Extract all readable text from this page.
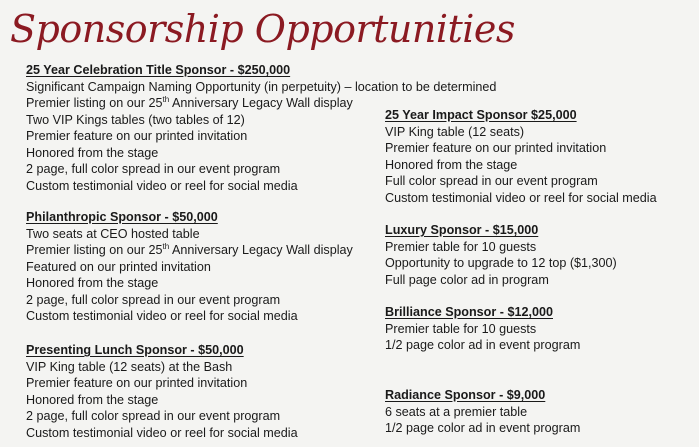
Sponsorship Opportunities
25 Year Celebration Title Sponsor - $250,000
Significant Campaign Naming Opportunity (in perpetuity) – location to be determined
Premier listing on our 25th Anniversary Legacy Wall display
Two VIP Kings tables (two tables of 12)
Premier feature on our printed invitation
Honored from the stage
2 page, full color spread in our event program
Custom testimonial video or reel for social media
Philanthropic Sponsor - $50,000
Two seats at CEO hosted table
Premier listing on our 25th Anniversary Legacy Wall display
Featured on our printed invitation
Honored from the stage
2 page, full color spread in our event program
Custom testimonial video or reel for social media
Presenting Lunch Sponsor - $50,000
VIP King table (12 seats) at the Bash
Premier feature on our printed invitation
Honored from the stage
2 page, full color spread in our event program
Custom testimonial video or reel for social media
25 Year Impact Sponsor $25,000
VIP King table (12 seats)
Premier feature on our printed invitation
Honored from the stage
Full color spread in our event program
Custom testimonial video or reel for social media
Luxury Sponsor - $15,000
Premier table for 10 guests
Opportunity to upgrade to 12 top ($1,300)
Full page color ad in program
Brilliance Sponsor - $12,000
Premier table for 10 guests
1/2 page color ad in event program
Radiance Sponsor - $9,000
6 seats at a premier table
1/2 page color ad in event program
